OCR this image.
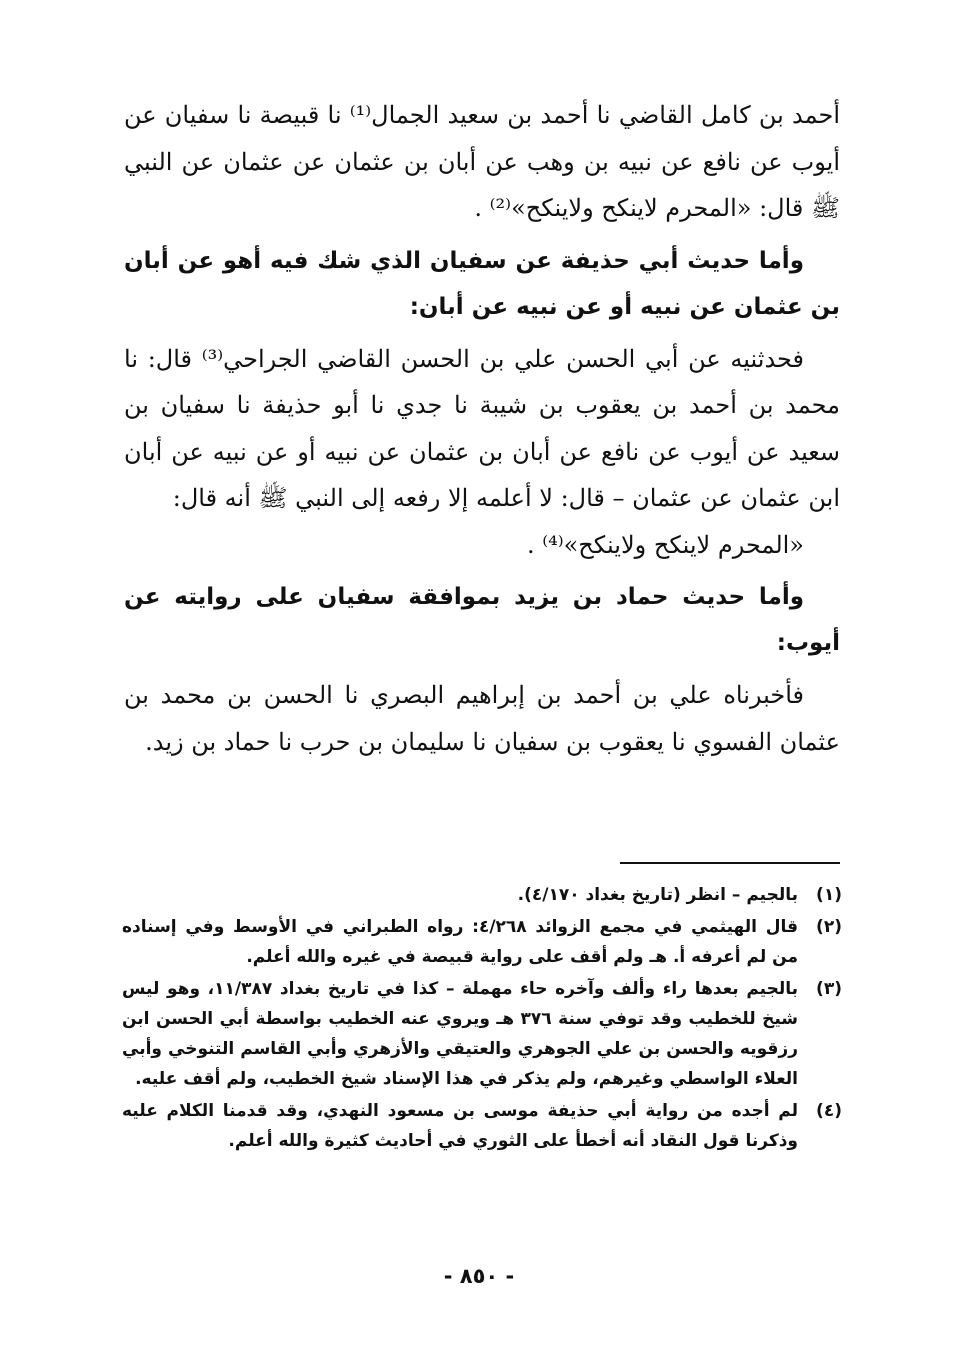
أحمد بن كامل القاضي نا أحمد بن سعيد الجمال⁽¹⁾ نا قبيصة نا سفيان عن أيوب عن نافع عن نبيه بن وهب عن أبان بن عثمان عن عثمان عن النبي ﷺ قال: «المحرم لاينكح ولاينكح»⁽²⁾ .

وأما حديث أبي حذيفة عن سفيان الذي شك فيه أهو عن أبان بن عثمان عن نبيه أو عن نبيه عن أبان:

فحدثنيه عن أبي الحسن علي بن الحسن القاضي الجراحي⁽³⁾ قال: نا محمد بن أحمد بن يعقوب بن شيبة نا جدي نا أبو حذيفة نا سفيان بن سعيد عن أيوب عن نافع عن أبان بن عثمان عن نبيه أو عن نبيه عن أبان ابن عثمان عن عثمان – قال: لا أعلمه إلا رفعه إلى النبي ﷺ أنه قال:

«المحرم لاينكح ولاينكح»⁽⁴⁾ .

وأما حديث حماد بن يزيد بموافقة سفيان على روايته عن أيوب:

فأخبرناه علي بن أحمد بن إبراهيم البصري نا الحسن بن محمد بن عثمان الفسوي نا يعقوب بن سفيان نا سليمان بن حرب نا حماد بن زيد.

(١)
بالجيم – انظر (تاريخ بغداد ٤/١٧٠).
(٢)
قال الهيثمي في مجمع الزوائد ٤/٢٦٨: رواه الطبراني في الأوسط وفي إسناده من لم أعرفه أ. هـ ولم أقف على رواية قبيصة في غيره والله أعلم.
(٣)
بالجيم بعدها راء وألف وآخره حاء مهملة – كذا في تاريخ بغداد ١١/٣٨٧، وهو ليس شيخ للخطيب وقد توفي سنة ٣٧٦ هـ ويروي عنه الخطيب بواسطة أبي الحسن ابن رزقويه والحسن بن علي الجوهري والعتيقي والأزهري وأبي القاسم التنوخي وأبي العلاء الواسطي وغيرهم، ولم يذكر في هذا الإسناد شيخ الخطيب، ولم أقف عليه.
(٤)
لم أجده من رواية أبي حذيفة موسى بن مسعود النهدي، وقد قدمنا الكلام عليه وذكرنا قول النقاد أنه أخطأ على الثوري في أحاديث كثيرة والله أعلم.
- ٨٥٠ -
